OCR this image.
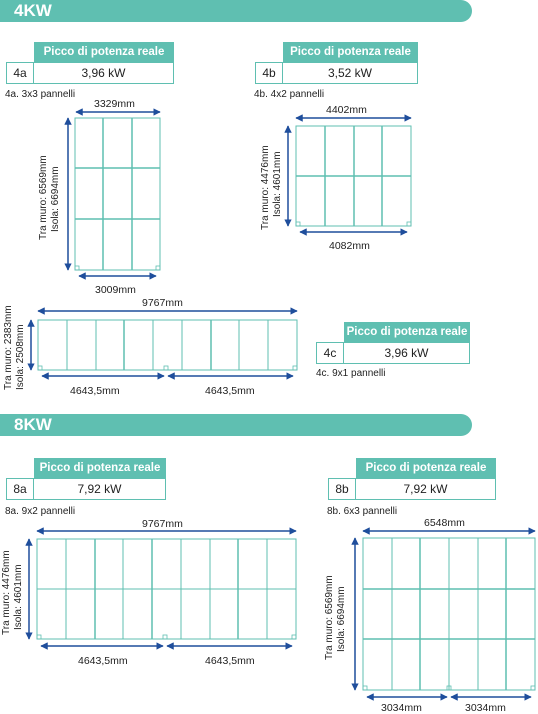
4KW
8KW
Picco di potenza reale
4a	3,96 kW
4a. 3x3 pannelli
Picco di potenza reale
4b	3,52 kW
4b. 4x2 pannelli
Picco di potenza reale
4c	3,96 kW
4c. 9x1 pannelli
Picco di potenza reale
8a	7,92 kW
8a. 9x2 pannelli
Picco di potenza reale
8b	7,92 kW
8b. 6x3 pannelli
3329mm
3009mm
Tra muro: 6569mm Isola: 6694mm
4402mm
4082mm
Tra muro: 4476mm Isola: 4601mm
9767mm
4643,5mm	4643,5mm
Tra muro: 2383mm Isola: 2508mm
9767mm
4643,5mm	4643,5mm
Tra muro: 4476mm Isola: 4601mm
6548mm
3034mm	3034mm
Tra muro: 6569mm Isola: 6694mm
